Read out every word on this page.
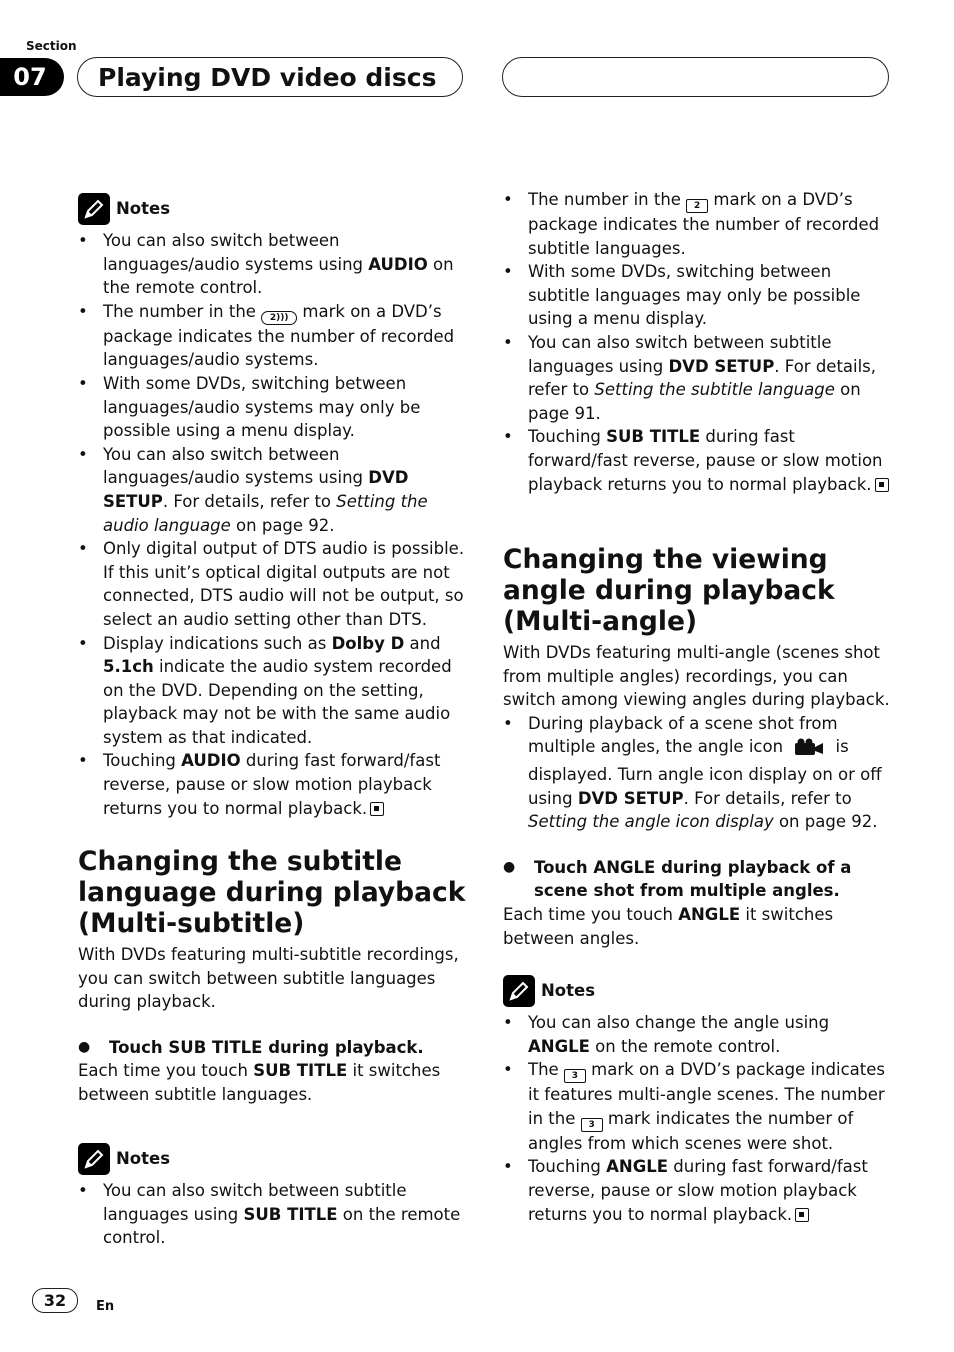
Section
07	Playing DVD video discs
Notes
• You can also switch between languages/audio systems using AUDIO on the remote control.
• The number in the 2))) mark on a DVD’s package indicates the number of recorded languages/audio systems.
• With some DVDs, switching between languages/audio systems may only be possible using a menu display.
• You can also switch between languages/audio systems using DVD SETUP. For details, refer to Setting the audio language on page 92.
• Only digital output of DTS audio is possible. If this unit’s optical digital outputs are not connected, DTS audio will not be output, so select an audio setting other than DTS.
• Display indications such as Dolby D and 5.1ch indicate the audio system recorded on the DVD. Depending on the setting, playback may not be with the same audio system as that indicated.
• Touching AUDIO during fast forward/fast reverse, pause or slow motion playback returns you to normal playback.
Changing the subtitle language during playback (Multi-subtitle)

With DVDs featuring multi-subtitle recordings, you can switch between subtitle languages during playback.

● Touch SUB TITLE during playback.

Each time you touch SUB TITLE it switches between subtitle languages.

Notes
• You can also switch between subtitle languages using SUB TITLE on the remote control.
• The number in the 2 mark on a DVD’s package indicates the number of recorded subtitle languages.
• With some DVDs, switching between subtitle languages may only be possible using a menu display.
• You can also switch between subtitle languages using DVD SETUP. For details, refer to Setting the subtitle language on page 91.
• Touching SUB TITLE during fast forward/fast reverse, pause or slow motion playback returns you to normal playback.
Changing the viewing angle during playback (Multi-angle)

With DVDs featuring multi-angle (scenes shot from multiple angles) recordings, you can switch among viewing angles during playback.

• During playback of a scene shot from multiple angles, the angle icon	is displayed. Turn angle icon display on or off using DVD SETUP. For details, refer to Setting the angle icon display on page 92.

● Touch ANGLE during playback of a scene shot from multiple angles.

Each time you touch ANGLE it switches between angles.

Notes
• You can also change the angle using ANGLE on the remote control.
• The 3 mark on a DVD’s package indicates it features multi-angle scenes. The number in the 3 mark indicates the number of angles from which scenes were shot.
• Touching ANGLE during fast forward/fast reverse, pause or slow motion playback returns you to normal playback.
32	En
